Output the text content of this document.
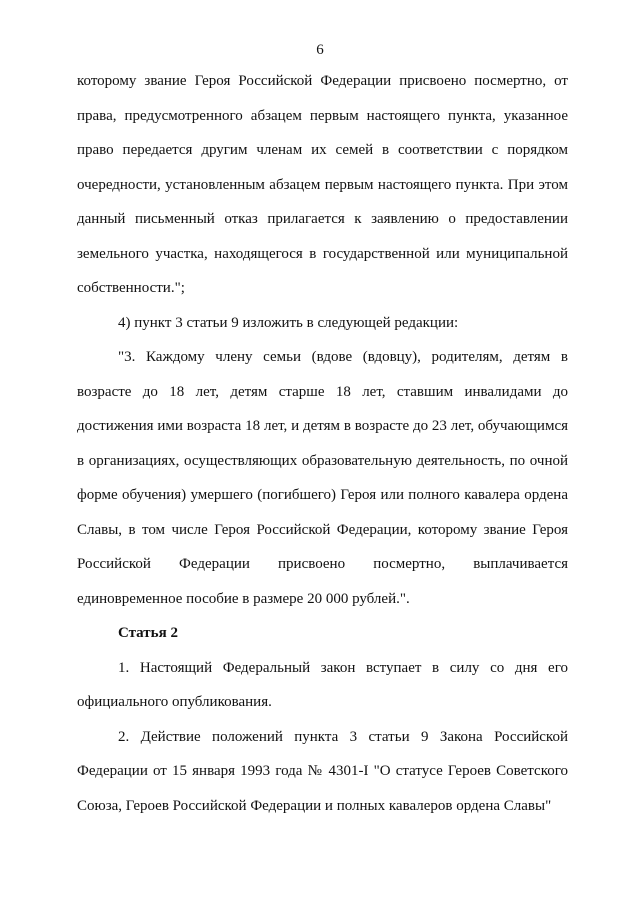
6

которому звание Героя Российской Федерации присвоено посмертно, от права, предусмотренного абзацем первым настоящего пункта, указанное право передается другим членам их семей в соответствии с порядком очередности, установленным абзацем первым настоящего пункта. При этом данный письменный отказ прилагается к заявлению о предоставлении земельного участка, находящегося в государственной или муниципальной собственности.";

4) пункт 3 статьи 9 изложить в следующей редакции:

"3. Каждому члену семьи (вдове (вдовцу), родителям, детям в возрасте до 18 лет, детям старше 18 лет, ставшим инвалидами до достижения ими возраста 18 лет, и детям в возрасте до 23 лет, обучающимся в организациях, осуществляющих образовательную деятельность, по очной форме обучения) умершего (погибшего) Героя или полного кавалера ордена Славы, в том числе Героя Российской Федерации, которому звание Героя Российской Федерации присвоено посмертно, выплачивается единовременное пособие в размере 20 000 рублей.".

Статья 2

1. Настоящий Федеральный закон вступает в силу со дня его официального опубликования.

2. Действие положений пункта 3 статьи 9 Закона Российской Федерации от 15 января 1993 года № 4301-I "О статусе Героев Советского Союза, Героев Российской Федерации и полных кавалеров ордена Славы"
